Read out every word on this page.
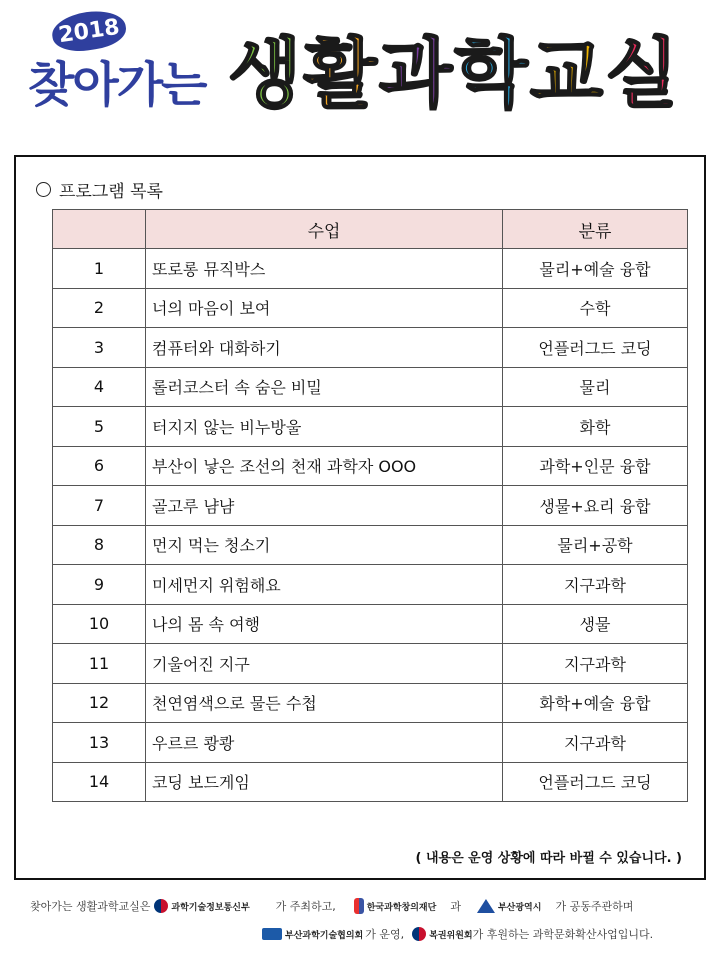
2018
찾아가는 생 활 과 학 교 실
프로그램 목록
	수업	분류
1	또로롱 뮤직박스	물리+예술 융합
2	너의 마음이 보여	수학
3	컴퓨터와 대화하기	언플러그드 코딩
4	롤러코스터 속 숨은 비밀	물리
5	터지지 않는 비누방울	화학
6	부산이 낳은 조선의 천재 과학자 OOO	과학+인문 융합
7	골고루 냠냠	생물+요리 융합
8	먼지 먹는 청소기	물리+공학
9	미세먼지 위험해요	지구과학
10	나의 몸 속 여행	생물
11	기울어진 지구	지구과학
12	천연염색으로 물든 수첩	화학+예술 융합
13	우르르 쾅쾅	지구과학
14	코딩 보드게임	언플러그드 코딩
( 내용은 운영 상황에 따라 바뀔 수 있습니다. )
찾아가는 생활과학교실은 과학기술정보통신부 가 주최하고,	한국과학창의재단 과	부산광역시 가 공동주관하며
부산과학기술협의회 가 운영,	복권위원회 가 후원하는 과학문화확산사업입니다.
